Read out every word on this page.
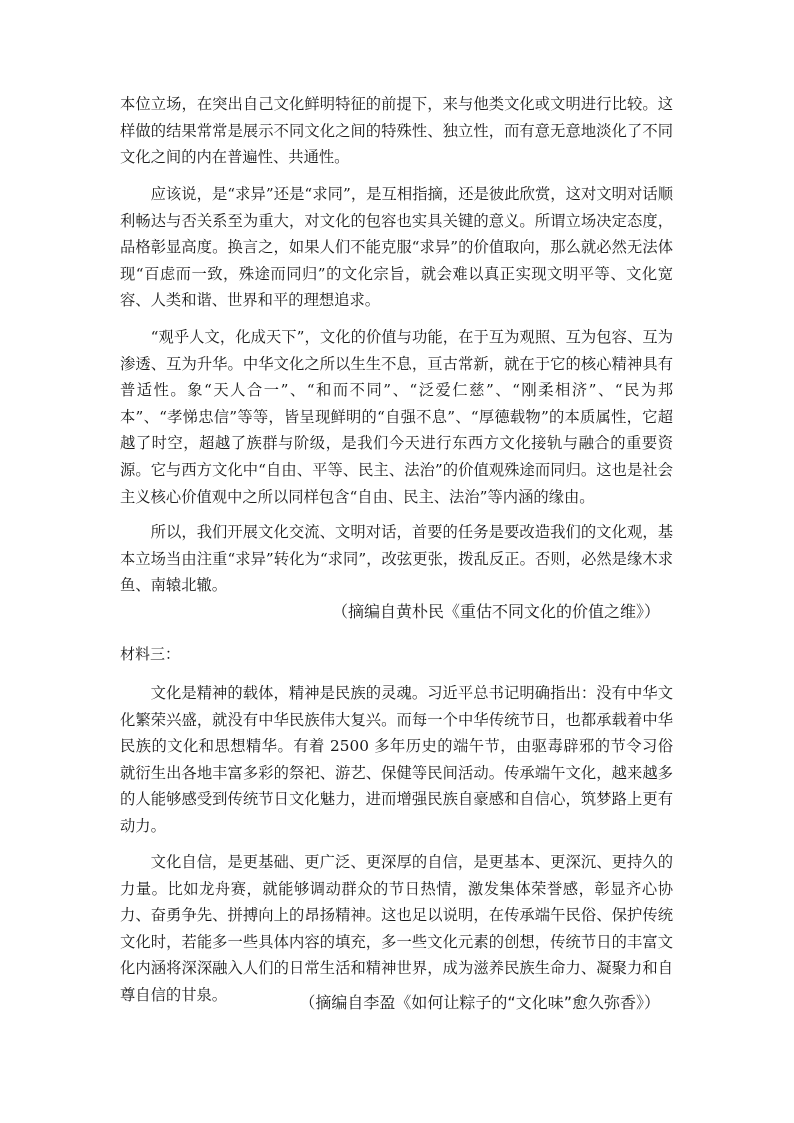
本位立场，在突出自己文化鲜明特征的前提下，来与他类文化或文明进行比较。这样做的结果常常是展示不同文化之间的特殊性、独立性，而有意无意地淡化了不同文化之间的内在普遍性、共通性。

应该说，是“求异”还是“求同”，是互相指摘，还是彼此欣赏，这对文明对话顺利畅达与否关系至为重大，对文化的包容也实具关键的意义。所谓立场决定态度，品格彰显高度。换言之，如果人们不能克服“求异”的价值取向，那么就必然无法体现“百虑而一致，殊途而同归”的文化宗旨，就会难以真正实现文明平等、文化宽容、人类和谐、世界和平的理想追求。

“观乎人文，化成天下”，文化的价值与功能，在于互为观照、互为包容、互为渗透、互为升华。中华文化之所以生生不息，亘古常新，就在于它的核心精神具有普适性。象“天人合一”、“和而不同”、“泛爱仁慈”、“刚柔相济”、“民为邦本”、“孝悌忠信”等等，皆呈现鲜明的“自强不息”、“厚德载物”的本质属性，它超越了时空，超越了族群与阶级，是我们今天进行东西方文化接轨与融合的重要资源。它与西方文化中“自由、平等、民主、法治”的价值观殊途而同归。这也是社会主义核心价值观中之所以同样包含“自由、民主、法治”等内涵的缘由。

所以，我们开展文化交流、文明对话，首要的任务是要改造我们的文化观，基本立场当由注重“求异”转化为“求同”，改弦更张，拨乱反正。否则，必然是缘木求鱼、南辕北辙。

（摘编自黄朴民《重估不同文化的价值之维》）

材料三：

文化是精神的载体，精神是民族的灵魂。习近平总书记明确指出：没有中华文化繁荣兴盛，就没有中华民族伟大复兴。而每一个中华传统节日，也都承载着中华民族的文化和思想精华。有着 2500 多年历史的端午节，由驱毒辟邪的节令习俗就衍生出各地丰富多彩的祭祀、游艺、保健等民间活动。传承端午文化，越来越多的人能够感受到传统节日文化魅力，进而增强民族自豪感和自信心，筑梦路上更有动力。

文化自信，是更基础、更广泛、更深厚的自信，是更基本、更深沉、更持久的力量。比如龙舟赛，就能够调动群众的节日热情，激发集体荣誉感，彰显齐心协力、奋勇争先、拼搏向上的昂扬精神。这也足以说明，在传承端午民俗、保护传统文化时，若能多一些具体内容的填充，多一些文化元素的创想，传统节日的丰富文化内涵将深深融入人们的日常生活和精神世界，成为滋养民族生命力、凝聚力和自尊自信的甘泉。	（摘编自李盈《如何让粽子的“文化味”愈久弥香》）
